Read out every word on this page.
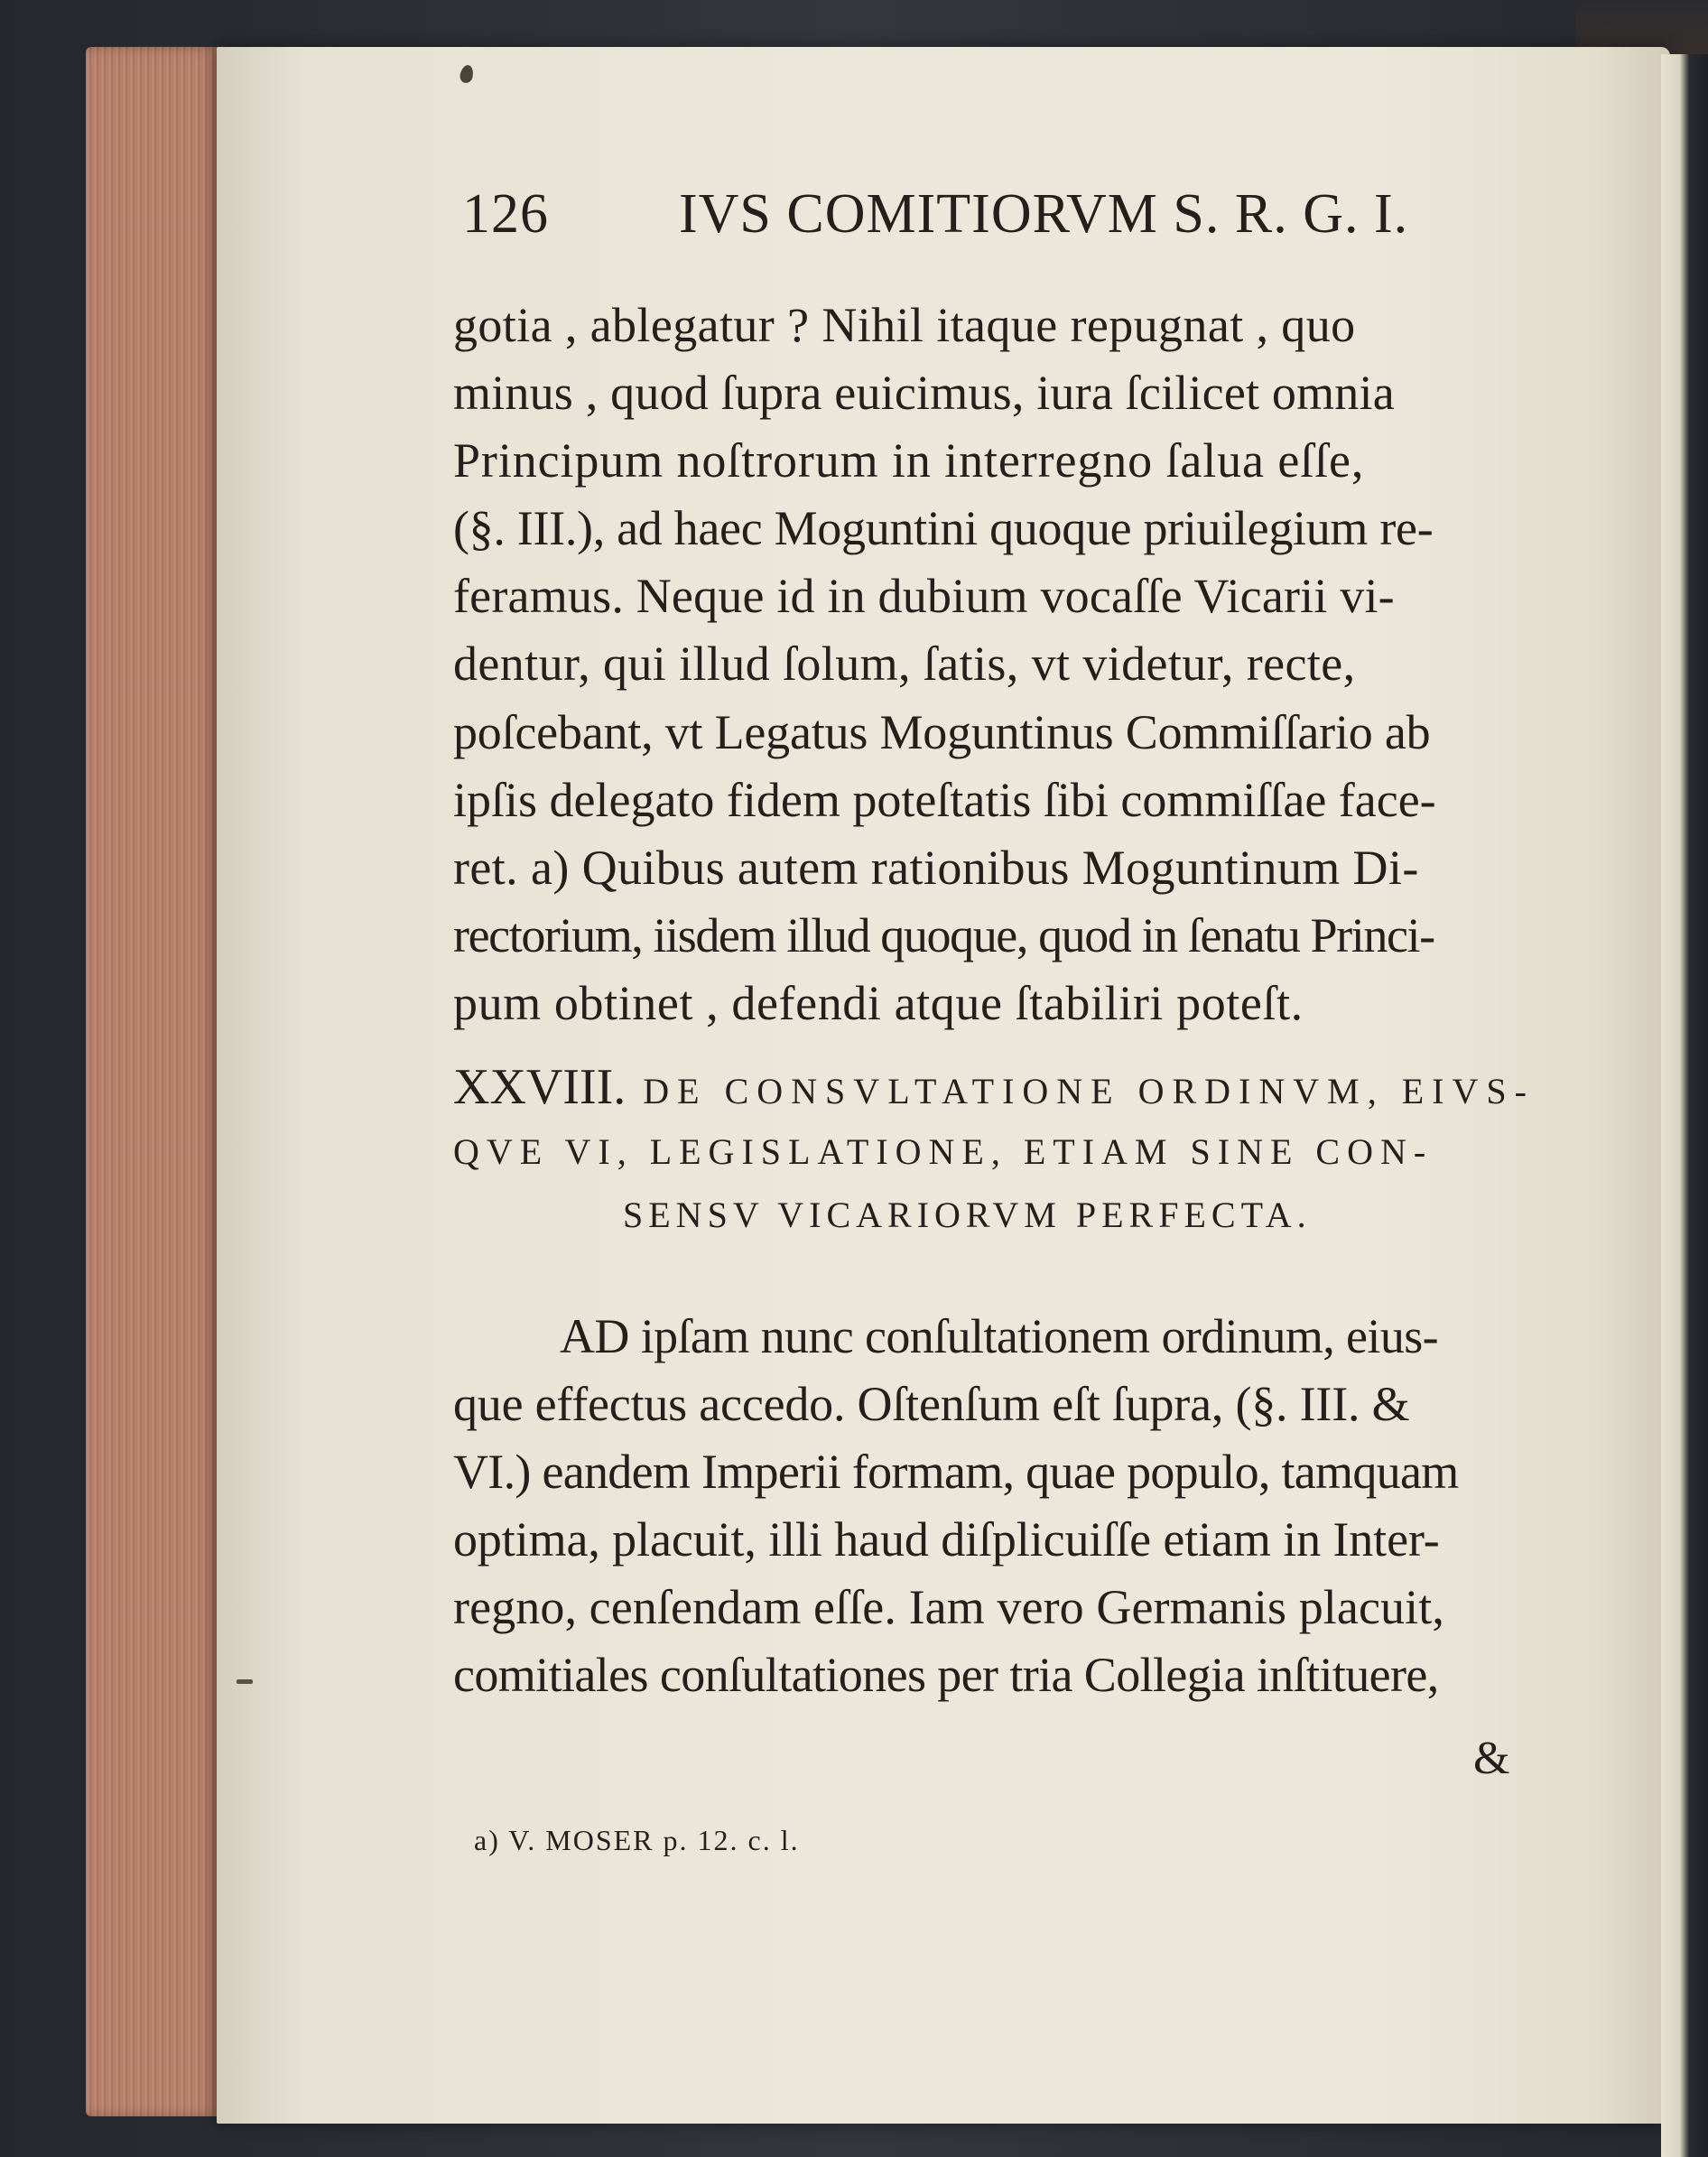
126 IVS COMITIORVM S. R. G. I.
gotia , ablegatur ? Nihil itaque repugnat , quo
minus , quod ſupra euicimus, iura ſcilicet omnia
Principum noſtrorum in interregno ſalua eſſe,
(§. III.), ad haec Moguntini quoque priuilegium re-
feramus. Neque id in dubium vocaſſe Vicarii vi-
dentur, qui illud ſolum, ſatis, vt videtur, recte,
poſcebant, vt Legatus Moguntinus Commiſſario ab
ipſis delegato fidem poteſtatis ſibi commiſſae face-
ret. a) Quibus autem rationibus Moguntinum Di-
rectorium, iisdem illud quoque, quod in ſenatu Princi-
pum obtinet , defendi atque ſtabiliri poteſt.
XXVIII. DE CONSVLTATIONE ORDINVM, EIVS-
QVE VI, LEGISLATIONE, ETIAM SINE CON-
SENSV VICARIORVM PERFECTA.
AD ipſam nunc conſultationem ordinum, eius-
que effectus accedo. Oſtenſum eſt ſupra, (§. III. &
VI.) eandem Imperii formam, quae populo, tamquam
optima, placuit, illi haud diſplicuiſſe etiam in Inter-
regno, cenſendam eſſe. Iam vero Germanis placuit,
comitiales conſultationes per tria Collegia inſtituere,
&
a) V. MOSER p. 12. c. l.
